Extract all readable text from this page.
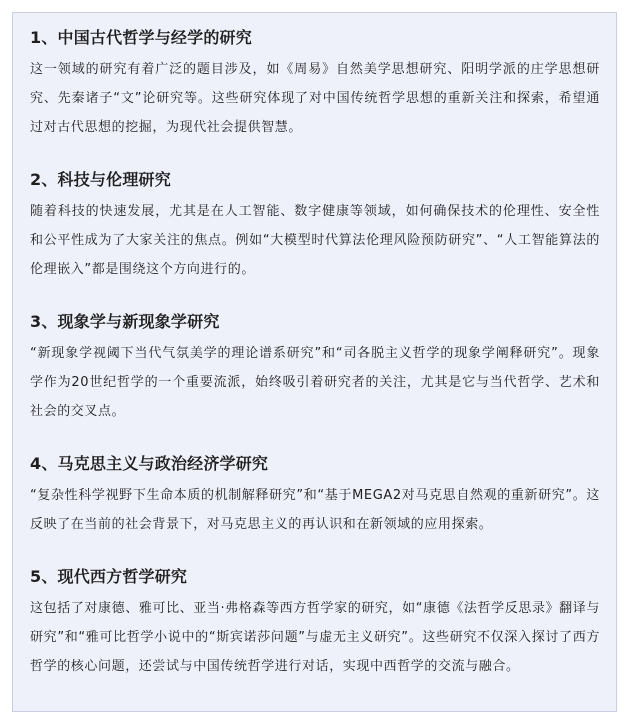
1、中国古代哲学与经学的研究

这一领域的研究有着广泛的题目涉及，如《周易》自然美学思想研究、阳明学派的庄学思想研究、先秦诸子“文”论研究等。这些研究体现了对中国传统哲学思想的重新关注和探索，希望通过对古代思想的挖掘，为现代社会提供智慧。

2、科技与伦理研究

随着科技的快速发展，尤其是在人工智能、数字健康等领域，如何确保技术的伦理性、安全性和公平性成为了大家关注的焦点。例如“大模型时代算法伦理风险预防研究”、“人工智能算法的伦理嵌入”都是围绕这个方向进行的。

3、现象学与新现象学研究

“新现象学视阈下当代气氛美学的理论谱系研究”和“司各脱主义哲学的现象学阐释研究”。现象学作为20世纪哲学的一个重要流派，始终吸引着研究者的关注，尤其是它与当代哲学、艺术和社会的交叉点。

4、马克思主义与政治经济学研究

“复杂性科学视野下生命本质的机制解释研究”和“基于MEGA2对马克思自然观的重新研究”。这反映了在当前的社会背景下，对马克思主义的再认识和在新领域的应用探索。

5、现代西方哲学研究

这包括了对康德、雅可比、亚当·弗格森等西方哲学家的研究，如“康德《法哲学反思录》翻译与研究”和“雅可比哲学小说中的“斯宾诺莎问题”与虚无主义研究”。这些研究不仅深入探讨了西方哲学的核心问题，还尝试与中国传统哲学进行对话，实现中西哲学的交流与融合。
